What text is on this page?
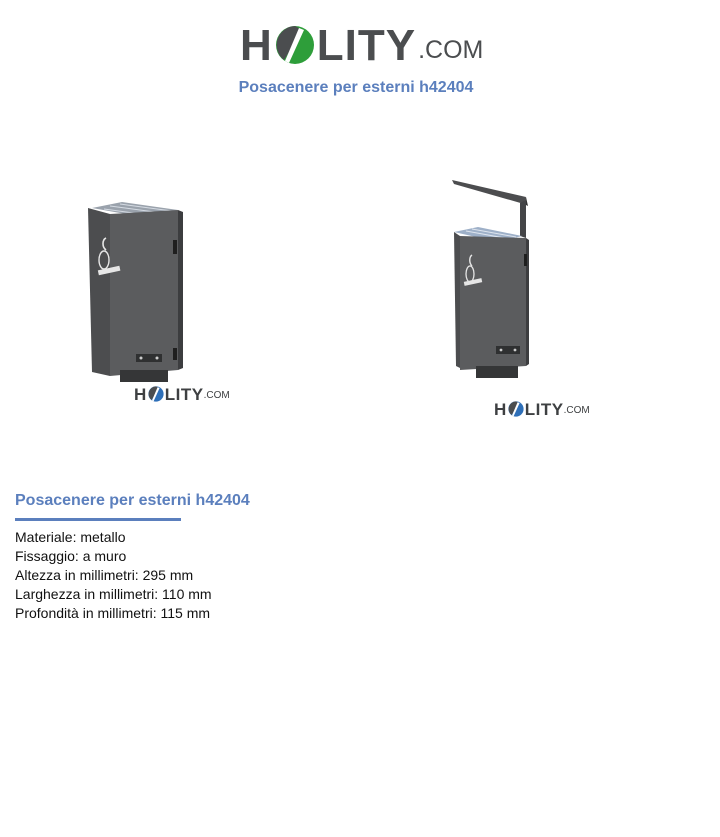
H LITY .COM
Posacenere per esterni h42404
H LITY .COM
H LITY .COM
Posacenere per esterni h42404
Materiale: metallo
Fissaggio: a muro
Altezza in millimetri: 295 mm
Larghezza in millimetri: 110 mm
Profondità in millimetri: 115 mm
